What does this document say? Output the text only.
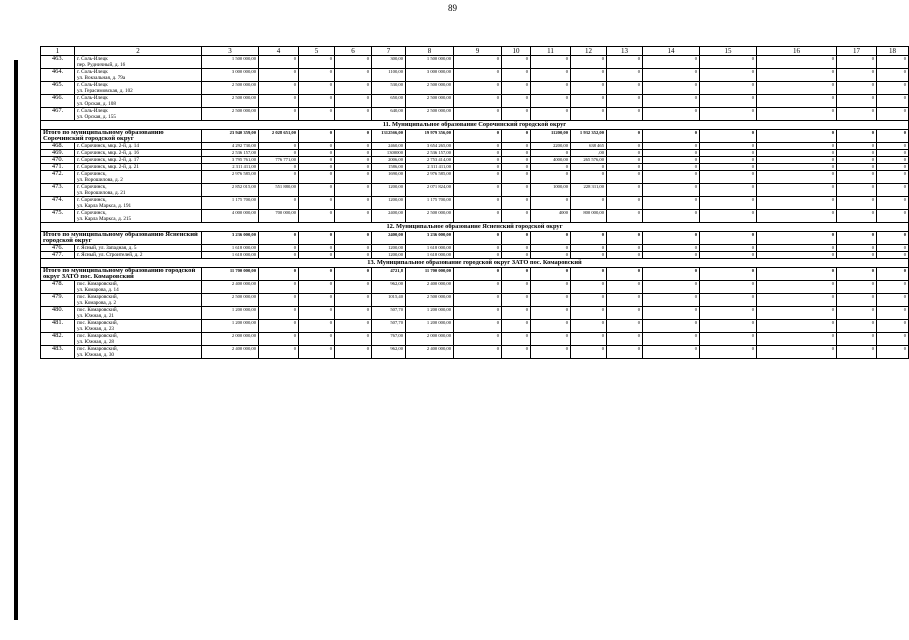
89
1	2	3	4	5	6	7	8	9	10	11	12	13	14	15	16	17	18
463.	г. Соль-Илецк
пер. Рудничный, д. 16	1 500 000,00	0	0	0	300,00	1 500 000,00	0	0	0	0	0	0	0	0	0	0
464.	г. Соль-Илецк
ул. Вокзальная, д. 79а	3 000 000,00	0	0	0	1100,00	3 000 000,00	0	0	0	0	0	0	0	0	0	0
465.	г. Соль-Илецк
ул. Герасимовская, д. 102	2 500 000,00	0	0	0	530,00	2 500 000,00	0	0	0	0	0	0	0	0	0	0
466.	г. Соль-Илецк
ул. Орская, д. 108	2 500 000,00	0	0	0	650,00	2 500 000,00	0	0	0	0	0	0	0	0	0	0
467.	г. Соль-Илецк
ул. Орская, д. 155	2 500 000,00	0	0	0	640,00	2 500 000,00	0	0	0	0	0	0	0	0	0	0
11. Муниципальное образование Сорочинский городской округ																	
Итого по муниципальному образованию Сорочинский городской округ		23 940 359,00	2 028 651,00	0	0	13125б6,00	19 979 356,00	0	0	11200,00	1 932 352,00	0	0	0	0	0	0
468.	г. Сорочинск, мкр. 2-й, д. 14	4 292 730,00	0	0	0	2460,00	3 654 265,00	0	0	2200,00	638 465	0	0	0	0	0	0
469.	г. Сорочинск, мкр. 2-й, д. 16	2 536 157,00	0	0	0	1300000	2 536 157,00	0	0	0	,00	0	0	0	0	0	0
470.	г. Сорочинск, мкр. 2-й, д. 17	3 795 761,00	776 771,00	0	0	2006,00	2 753 414,00	0	0	4000,00	265 576,00	0	0	0	0	0	0
471.	г. Сорочинск, мкр. 2-й, д. 21	2 311 411,00	0	0	0	1586,00	2 311 411,00	0	0	0	0	0	0	0	0	0	0
472.	г. Сорочинск,
ул. Ворошилова, д. 2	2 976 585,00	0	0	0	1690,00	2 976 585,00	0	0	0	0	0	0	0	0	0	0
473.	г. Сорочинск,
ул. Ворошилова, д. 21	2 852 015,00	551 880,00	0	0	1200,00	2 071 824,00	0	0	1000,00	228 311,00	0	0	0	0	0	0
474.	г. Сорочинск,
ул. Карла Маркса, д. 191	1 175 700,00	0	0	0	1200,00	1 175 700,00	0	0	0	0	0	0	0	0	0	0
475.	г. Сорочинск,
ул. Карла Маркса, д. 215	4 000 000,00	700 000,00	0	0	2400,00	2 500 000,00	0	0	4000	800 000,00	0	0	0	0	0	0
12. Муниципальное образование Ясненский городской округ																	
Итого по муниципальному образованию Ясненский городской округ		3 236 000,00	0	0	0	2400,00	3 236 000,00	0	0	0	0	0	0	0	0	0	0
476.	г. Ясный, ул. Западная, д. 5	1 618 000,00	0	0	0	1200,00	1 618 000,00	0	0	0	0	0	0	0	0	0	0
477.	г. Ясный, ул. Строителей, д. 2	1 618 000,00	0	0	0	1200,00	1 618 000,00	0	0	0	0	0	0	0	0	0	0
13. Муниципальное образование городской округ ЗАТО пос. Комаровский																	
Итого по муниципальному образованию городской округ ЗАТО пос. Комаровский		11 700 000,00	0	0	0	4721,8	11 700 000,00	0	0	0	0	0	0	0	0	0	0
478.	пос. Комаровский,
ул. Комарова, д. 14	2 400 000,00	0	0	0	962,00	2 400 000,00	0	0	0	0	0	0	0	0	0	0
479.	пос. Комаровский,
ул. Комарова, д. 2	2 500 000,00	0	0	0	1015,40	2 500 000,00	0	0	0	0	0	0	0	0	0	0
480.	пос. Комаровский,
ул. Южная, д. 21	1 200 000,00	0	0	0	507,70	1 200 000,00	0	0	0	0	0	0	0	0	0	0
481.	пос. Комаровский,
ул. Южная, д. 23	1 200 000,00	0	0	0	507,70	1 200 000,00	0	0	0	0	0	0	0	0	0	0
482.	пос. Комаровский,
ул. Южная, д. 28	2 000 000,00	0	0	0	767,00	2 000 000,00	0	0	0	0	0	0	0	0	0	0
483.	пос. Комаровский,
ул. Южная, д. 30	2 400 000,00	0	0	0	962,00	2 400 000,00	0	0	0	0	0	0	0	0	0	0
